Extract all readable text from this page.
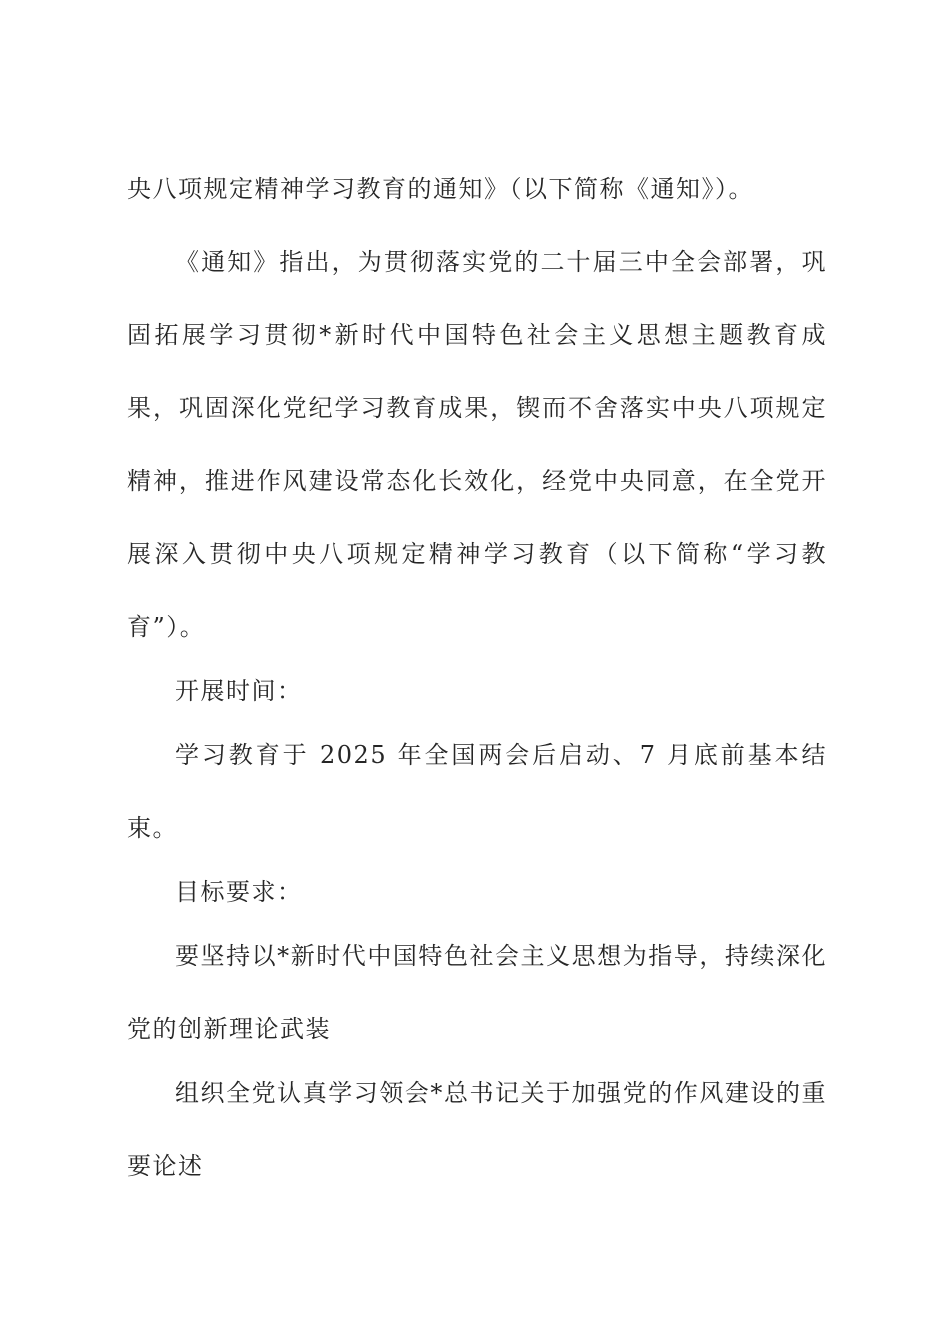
央八项规定精神学习教育的通知》（以下简称《通知》）。

《通知》指出，为贯彻落实党的二十届三中全会部署，巩固拓展学习贯彻*新时代中国特色社会主义思想主题教育成果，巩固深化党纪学习教育成果，锲而不舍落实中央八项规定精神，推进作风建设常态化长效化，经党中央同意，在全党开展深入贯彻中央八项规定精神学习教育（以下简称“学习教育”）。

开展时间：

学习教育于 2025 年全国两会后启动、7 月底前基本结束。

目标要求：

要坚持以*新时代中国特色社会主义思想为指导，持续深化党的创新理论武装

组织全党认真学习领会*总书记关于加强党的作风建设的重要论述
